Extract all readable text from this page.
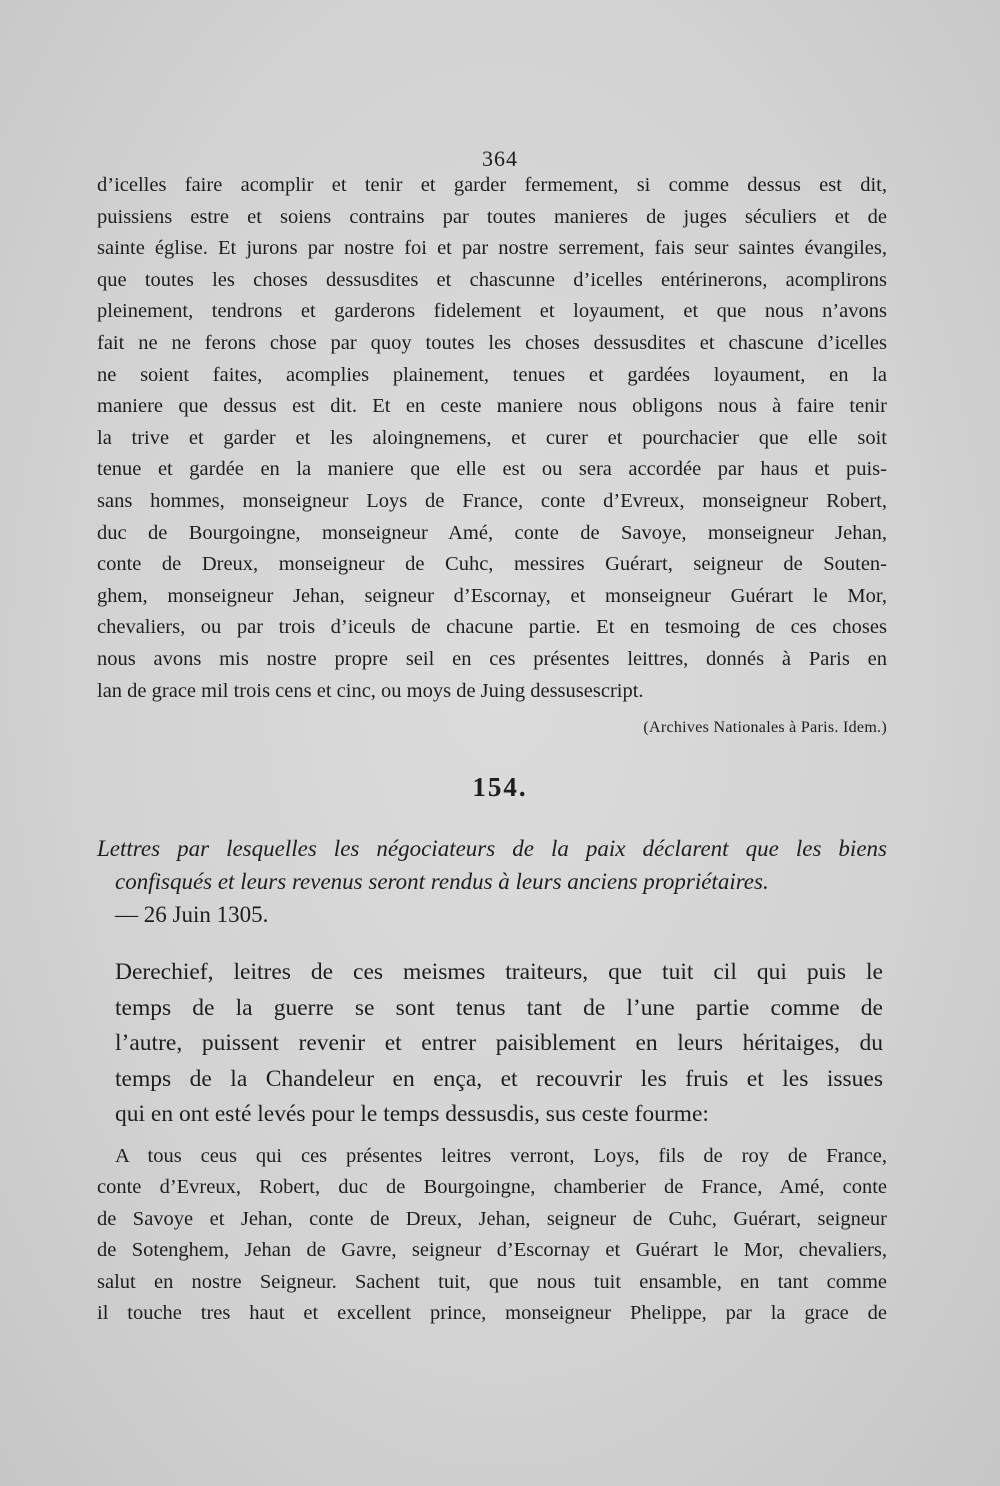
364
d’icelles faire acomplir et tenir et garder fermement, si comme dessus est dit,
puissiens estre et soiens contrains par toutes manieres de juges séculiers et de
sainte église. Et jurons par nostre foi et par nostre serrement, fais seur saintes évangiles,
que toutes les choses dessusdites et chascunne d’icelles entérinerons, acomplirons
pleinement, tendrons et garderons fidelement et loyaument, et que nous n’avons
fait ne ne ferons chose par quoy toutes les choses dessusdites et chascune d’icelles
ne soient faites, acomplies plainement, tenues et gardées loyaument, en la
maniere que dessus est dit. Et en ceste maniere nous obligons nous à faire tenir
la trive et garder et les aloingnemens, et curer et pourchacier que elle soit
tenue et gardée en la maniere que elle est ou sera accordée par haus et puis-
sans hommes, monseigneur Loys de France, conte d’Evreux, monseigneur Robert,
duc de Bourgoingne, monseigneur Amé, conte de Savoye, monseigneur Jehan,
conte de Dreux, monseigneur de Cuhc, messires Guérart, seigneur de Souten-
ghem, monseigneur Jehan, seigneur d’Escornay, et monseigneur Guérart le Mor,
chevaliers, ou par trois d’iceuls de chacune partie. Et en tesmoing de ces choses
nous avons mis nostre propre seil en ces présentes leittres, donnés à Paris en
lan de grace mil trois cens et cinc, ou moys de Juing dessusescript.
(Archives Nationales à Paris. Idem.)
154.
Lettres par lesquelles les négociateurs de la paix déclarent que les biens
confisqués et leurs revenus seront rendus à leurs anciens propriétaires.
— 26 Juin 1305.
Derechief, leitres de ces meismes traiteurs, que tuit cil qui puis le
temps de la guerre se sont tenus tant de l’une partie comme de
l’autre, puissent revenir et entrer paisiblement en leurs héritaiges, du
temps de la Chandeleur en ença, et recouvrir les fruis et les issues
qui en ont esté levés pour le temps dessusdis, sus ceste fourme:
A tous ceus qui ces présentes leitres verront, Loys, fils de roy de France,
conte d’Evreux, Robert, duc de Bourgoingne, chamberier de France, Amé, conte
de Savoye et Jehan, conte de Dreux, Jehan, seigneur de Cuhc, Guérart, seigneur
de Sotenghem, Jehan de Gavre, seigneur d’Escornay et Guérart le Mor, chevaliers,
salut en nostre Seigneur. Sachent tuit, que nous tuit ensamble, en tant comme
il touche tres haut et excellent prince, monseigneur Phelippe, par la grace de
